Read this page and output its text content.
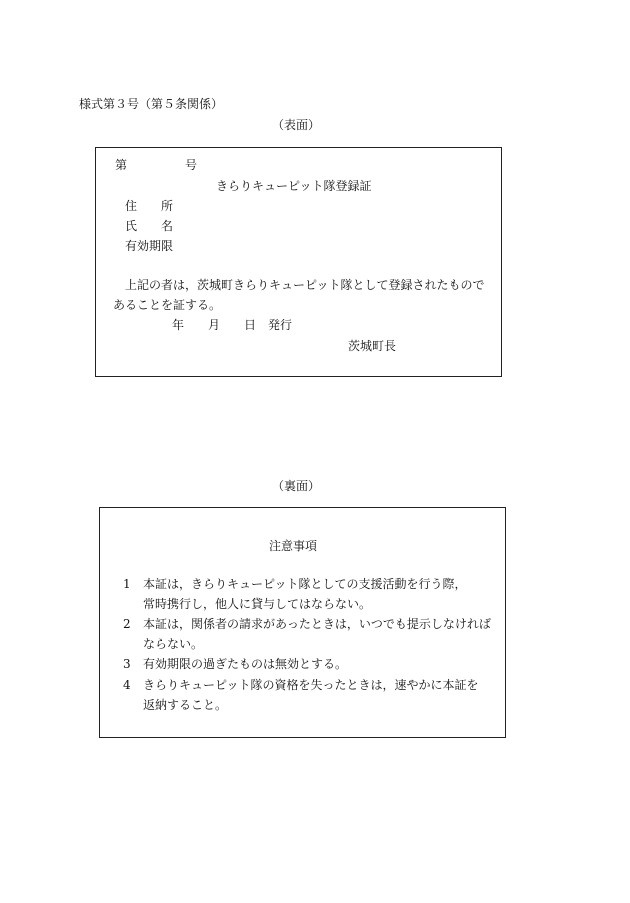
様式第３号（第５条関係）
（表面）
第	号
きらりキューピット隊登録証
住　　所
氏　　名
有効期限
上記の者は，茨城町きらりキューピット隊として登録されたもので
あることを証する。
年　　月　　日　発行
茨城町長
（裏面）
注意事項
1 本証は，きらりキューピット隊としての支援活動を行う際，
常時携行し，他人に貸与してはならない。
2 本証は，関係者の請求があったときは，いつでも提示しなければ
ならない。
3 有効期限の過ぎたものは無効とする。
4 きらりキューピット隊の資格を失ったときは，速やかに本証を
返納すること。
